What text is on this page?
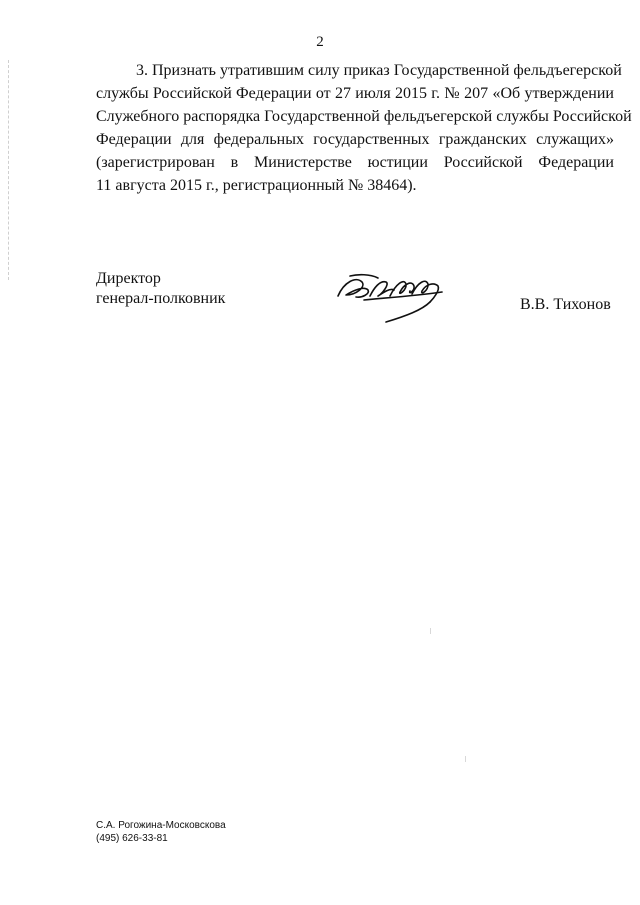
2
3. Признать утратившим силу приказ Государственной фельдъегерской
службы Российской Федерации от 27 июля 2015 г. № 207 «Об утверждении
Служебного распорядка Государственной фельдъегерской службы Российской
Федерации для федеральных государственных гражданских служащих»
(зарегистрирован в Министерстве юстиции Российской Федерации
11 августа 2015 г., регистрационный № 38464).
Директор
генерал-полковник	В.В. Тихонов
С.А. Рогожина-Московскова
(495) 626-33-81
